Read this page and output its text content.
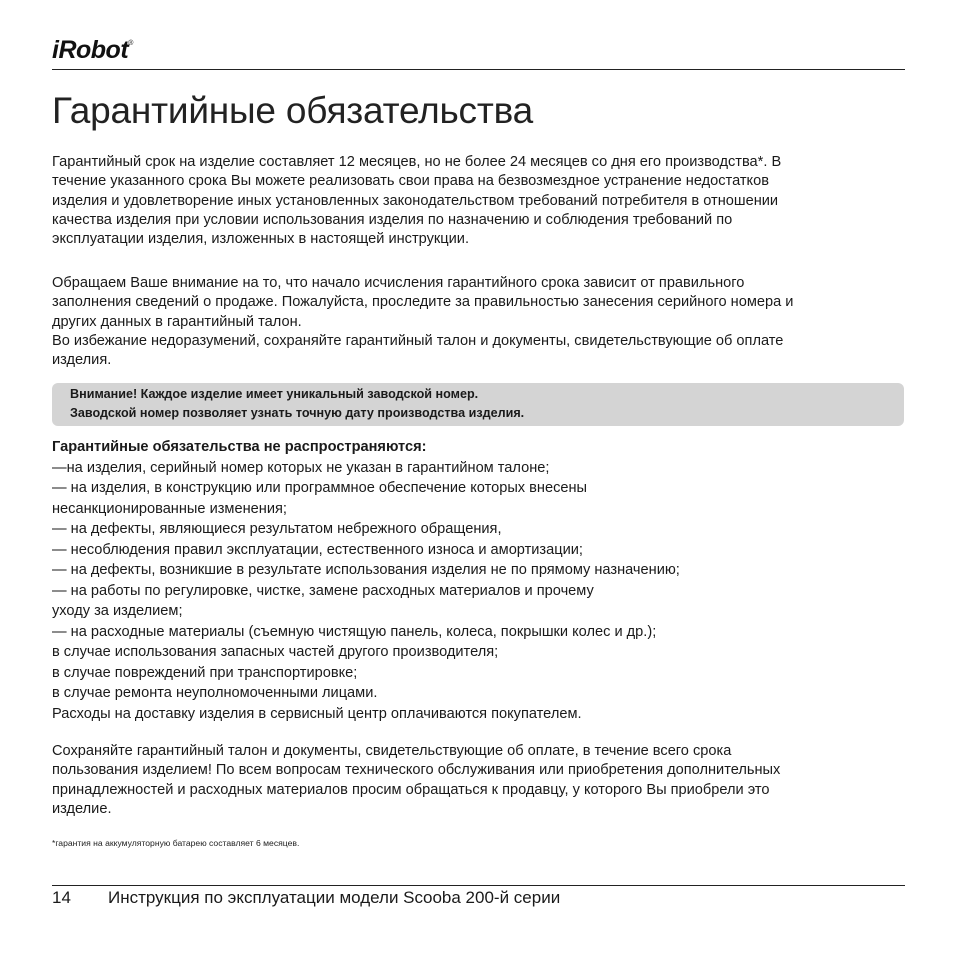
iRobot®
Гарантийные обязательства

Гарантийный срок на изделие составляет 12 месяцев, но не более 24 месяцев со дня его производства*. В

течение указанного срока Вы можете реализовать свои права на безвозмездное устранение недостатков

изделия и удовлетворение иных установленных законодательством требований потребителя в отношении

качества изделия при условии использования изделия по назначению и соблюдения требований по

эксплуатации изделия, изложенных в настоящей инструкции.

Обращаем Ваше внимание на то, что начало исчисления гарантийного срока зависит от правильного

заполнения сведений о продаже. Пожалуйста, проследите за правильностью занесения серийного номера и

других данных в гарантийный талон.

Во избежание недоразумений, сохраняйте гарантийный талон и документы, свидетельствующие об оплате

изделия.

Внимание! Каждое изделие имеет уникальный заводской номер.
Заводской номер позволяет узнать точную дату производства изделия.

Гарантийные обязательства не распространяются:

—на изделия, серийный номер которых не указан в гарантийном талоне;

— на изделия, в конструкцию или программное обеспечение которых внесены

несанкционированные изменения;

— на дефекты, являющиеся результатом небрежного обращения,

— несоблюдения правил эксплуатации, естественного износа и амортизации;

— на дефекты, возникшие в результате использования изделия не по прямому назначению;

— на работы по регулировке, чистке, замене расходных материалов и прочему

уходу за изделием;

— на расходные материалы (съемную чистящую панель, колеса, покрышки колес и др.);

в случае использования запасных частей другого производителя;

в случае повреждений при транспортировке;

в случае ремонта неуполномоченными лицами.

Расходы на доставку изделия в сервисный центр оплачиваются покупателем.

Сохраняйте гарантийный талон и документы, свидетельствующие об оплате, в течение всего срока

пользования изделием! По всем вопросам технического обслуживания или приобретения дополнительных

принадлежностей и расходных материалов просим обращаться к продавцу, у которого Вы приобрели это

изделие.

*гарантия на аккумуляторную батарею составляет 6 месяцев.
14 Инструкция по эксплуатации модели Scooba 200-й серии
